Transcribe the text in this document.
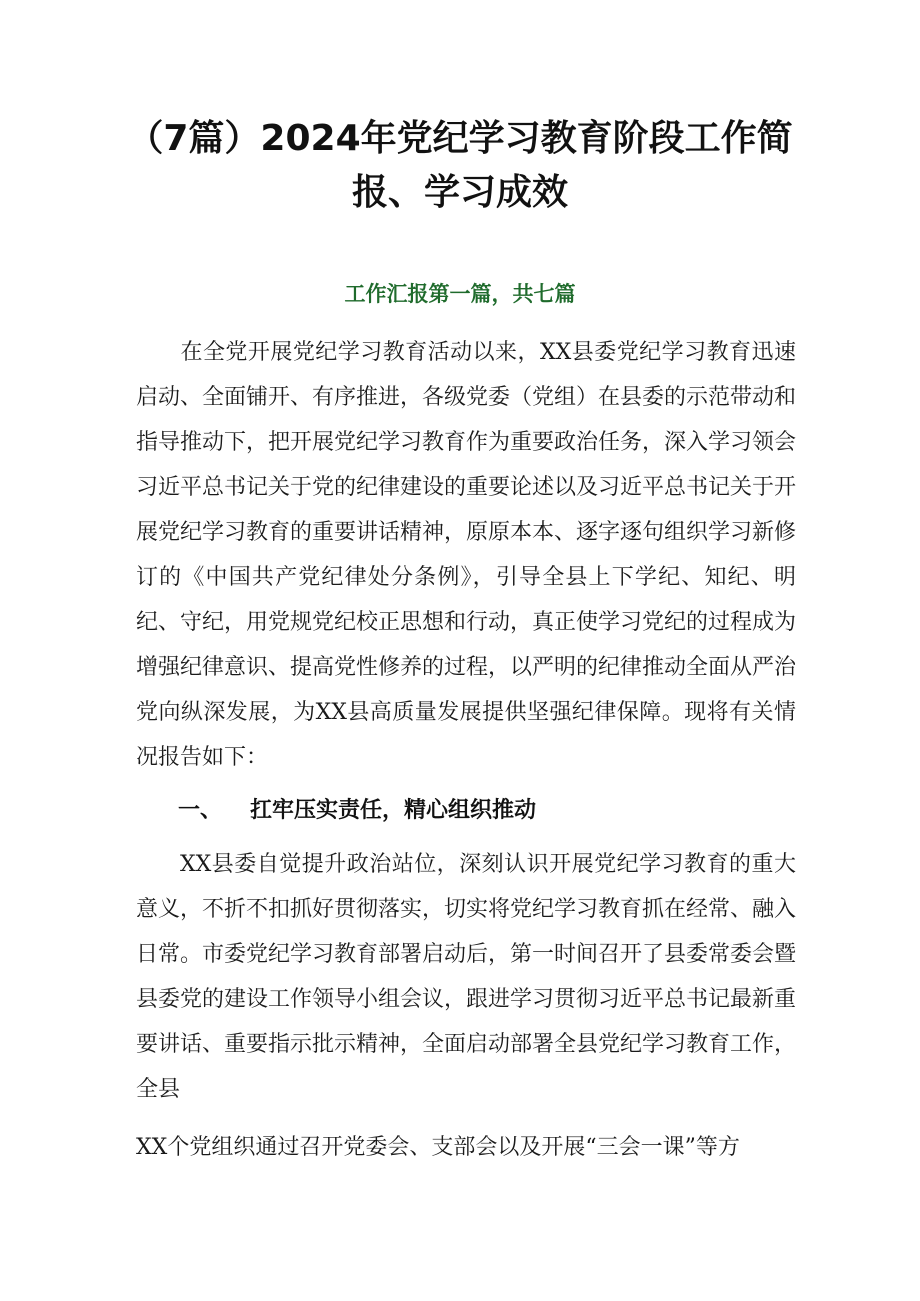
（7篇）2024年党纪学习教育阶段工作简
报、学习成效
工作汇报第一篇，共七篇
在全党开展党纪学习教育活动以来，XX县委党纪学习教育迅速启动、全面铺开、有序推进，各级党委（党组）在县委的示范带动和指导推动下，把开展党纪学习教育作为重要政治任务，深入学习领会习近平总书记关于党的纪律建设的重要论述以及习近平总书记关于开展党纪学习教育的重要讲话精神，原原本本、逐字逐句组织学习新修订的《中国共产党纪律处分条例》，引导全县上下学纪、知纪、明纪、守纪，用党规党纪校正思想和行动，真正使学习党纪的过程成为增强纪律意识、提高党性修养的过程，以严明的纪律推动全面从严治党向纵深发展，为XX县高质量发展提供坚强纪律保障。现将有关情况报告如下：
一、 扛牢压实责任，精心组织推动
XX县委自觉提升政治站位，深刻认识开展党纪学习教育的重大意义，不折不扣抓好贯彻落实，切实将党纪学习教育抓在经常、融入日常。市委党纪学习教育部署启动后，第一时间召开了县委常委会暨县委党的建设工作领导小组会议，跟进学习贯彻习近平总书记最新重要讲话、重要指示批示精神，全面启动部署全县党纪学习教育工作，全县
XX个党组织通过召开党委会、支部会以及开展“三会一课”等方
